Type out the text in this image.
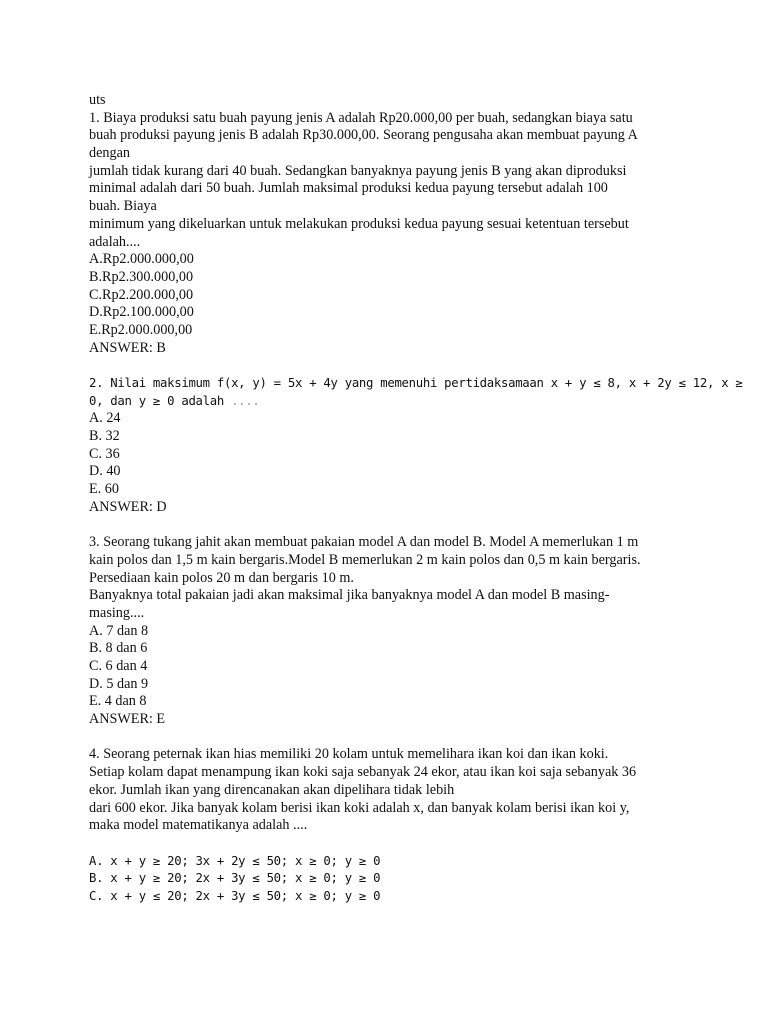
uts
1. Biaya produksi satu buah payung jenis A adalah Rp20.000,00 per buah, sedangkan biaya satu
buah produksi payung jenis B adalah Rp30.000,00. Seorang pengusaha akan membuat payung A
dengan
jumlah tidak kurang dari 40 buah. Sedangkan banyaknya payung jenis B yang akan diproduksi
minimal adalah dari 50 buah. Jumlah maksimal produksi kedua payung tersebut adalah 100
buah. Biaya
minimum yang dikeluarkan untuk melakukan produksi kedua payung sesuai ketentuan tersebut
adalah....
A.Rp2.000.000,00
B.Rp2.300.000,00
C.Rp2.200.000,00
D.Rp2.100.000,00
E.Rp2.000.000,00
ANSWER: B
2. Nilai maksimum f(x, y) = 5x + 4y yang memenuhi pertidaksamaan x + y ≤ 8, x + 2y ≤ 12, x ≥
0, dan y ≥ 0 adalah ....
A. 24
B. 32
C. 36
D. 40
E. 60
ANSWER: D
3. Seorang tukang jahit akan membuat pakaian model A dan model B. Model A memerlukan 1 m
kain polos dan 1,5 m kain bergaris.Model B memerlukan 2 m kain polos dan 0,5 m kain bergaris.
Persediaan kain polos 20 m dan bergaris 10 m.
Banyaknya total pakaian jadi akan maksimal jika banyaknya model A dan model B masing-
masing....
A. 7 dan 8
B. 8 dan 6
C. 6 dan 4
D. 5 dan 9
E. 4 dan 8
ANSWER: E
4. Seorang peternak ikan hias memiliki 20 kolam untuk memelihara ikan koi dan ikan koki.
Setiap kolam dapat menampung ikan koki saja sebanyak 24 ekor, atau ikan koi saja sebanyak 36
ekor. Jumlah ikan yang direncanakan akan dipelihara tidak lebih
dari 600 ekor. Jika banyak kolam berisi ikan koki adalah x, dan banyak kolam berisi ikan koi y,
maka model matematikanya adalah ....
A. x + y ≥ 20; 3x + 2y ≤ 50; x ≥ 0; y ≥ 0
B. x + y ≥ 20; 2x + 3y ≤ 50; x ≥ 0; y ≥ 0
C. x + y ≤ 20; 2x + 3y ≤ 50; x ≥ 0; y ≥ 0
